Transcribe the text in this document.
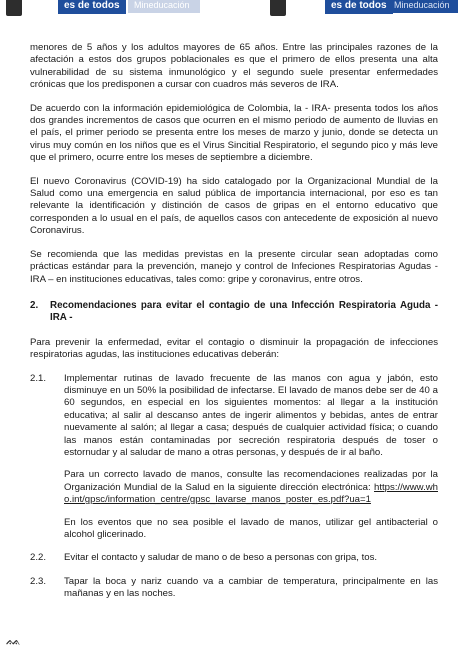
es de todos	Mineducación	es de todos Mineducación

menores de 5 años y los adultos mayores de 65 años. Entre las principales razones de la afectación a estos dos grupos poblacionales es que el primero de ellos presenta una alta vulnerabilidad de su sistema inmunológico y el segundo suele presentar enfermedades crónicas que los predisponen a cursar con cuadros más severos de IRA.

De acuerdo con la información epidemiológica de Colombia, la - IRA- presenta todos los años dos grandes incrementos de casos que ocurren en el mismo periodo de aumento de lluvias en el país, el primer periodo se presenta entre los meses de marzo y junio, donde se detecta un virus muy común en los niños que es el Virus Sincitial Respiratorio, el segundo pico y más leve que el primero, ocurre entre los meses de septiembre a diciembre.

El nuevo Coronavirus (COVID-19) ha sido catalogado por la Organizacional Mundial de la Salud como una emergencia en salud pública de importancia internacional, por eso es tan relevante la identificación y distinción de casos de gripas en el entorno educativo que corresponden a lo usual en el país, de aquellos casos con antecedente de exposición al nuevo Coronavirus.

Se recomienda que las medidas previstas en la presente circular sean adoptadas como prácticas estándar para la prevención, manejo y control de Infeciones Respiratorias Agudas - IRA – en instituciones educativas, tales como: gripe y coronavirus, entre otros.

2.	Recomendaciones para evitar el contagio de una Infección Respiratoria Aguda - IRA -

Para prevenir la enfermedad, evitar el contagio o disminuir la propagación de infecciones respiratorias agudas, las instituciones educativas deberán:

2.1.	Implementar rutinas de lavado frecuente de las manos con agua y jabón, esto disminuye en un 50% la posibilidad de infectarse. El lavado de manos debe ser de 40 a 60 segundos, en especial en los siguientes momentos: al llegar a la institución educativa; al salir al descanso antes de ingerir alimentos y bebidas, antes de entrar nuevamente al salón; al llegar a casa; después de cualquier actividad física; o cuando las manos están contaminadas por secreción respiratoria después de toser o estornudar y al saludar de mano a otras personas, y después de ir al baño.

Para un correcto lavado de manos, consulte las recomendaciones realizadas por la Organización Mundial de la Salud en la siguiente dirección electrónica: https://www.who.int/gpsc/information_centre/gpsc_lavarse_manos_poster_es.pdf?ua=1

En los eventos que no sea posible el lavado de manos, utilizar gel antibacterial o alcohol glicerinado.

2.2.	Evitar el contacto y saludar de mano o de beso a personas con gripa, tos.

2.3.	Tapar la boca y nariz cuando va a cambiar de temperatura, principalmente en las mañanas y en las noches.

ᨐ
